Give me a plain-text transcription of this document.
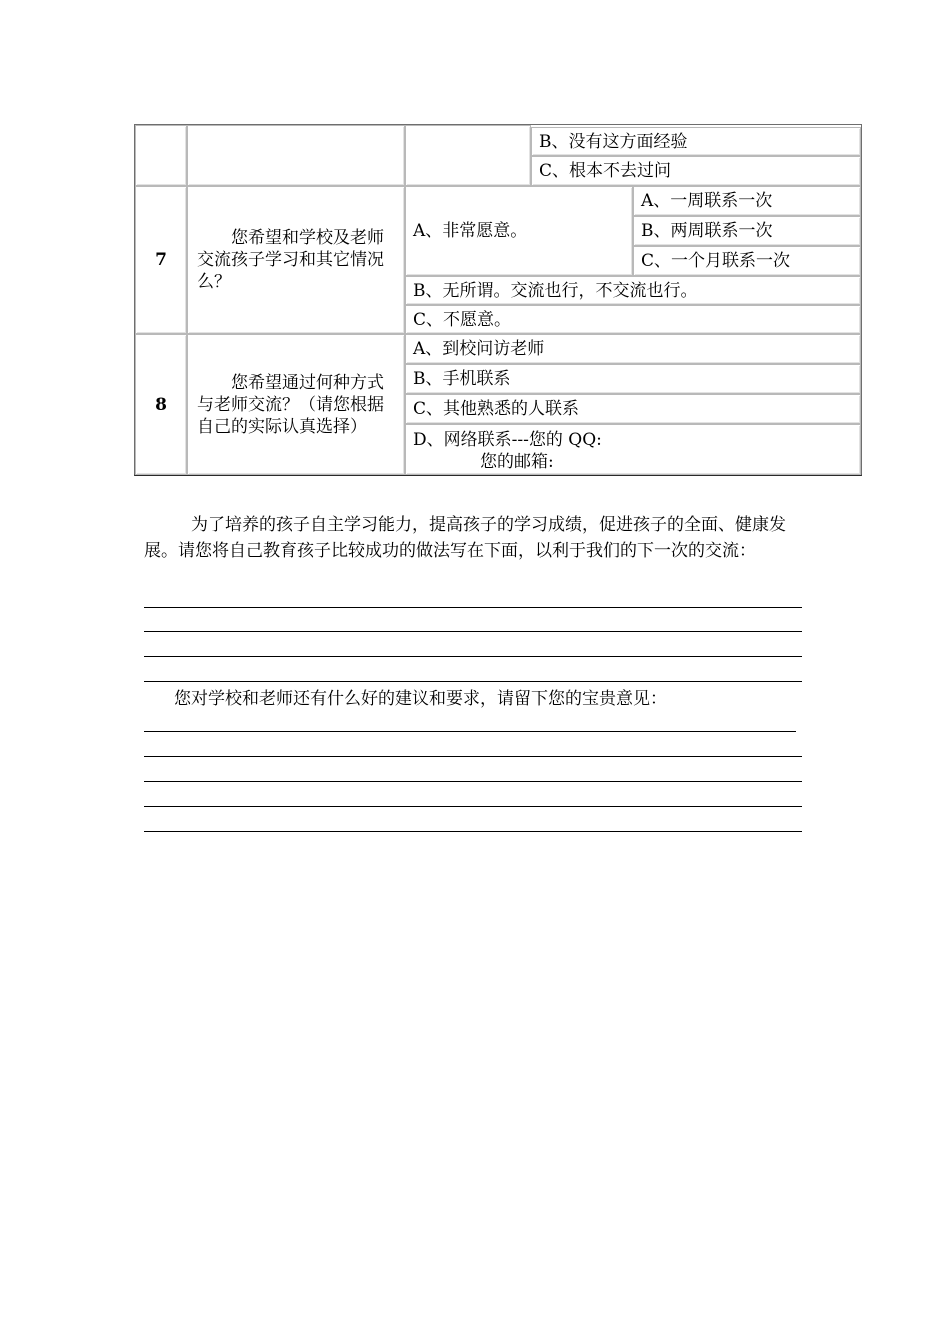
B、没有这方面经验
C、根本不去过问
7
您希望和学校及老师交流孩子学习和其它情况么？
A、非常愿意。
A、一周联系一次
B、两周联系一次
C、一个月联系一次
B、无所谓。交流也行，不交流也行。
C、不愿意。
8
您希望通过何种方式与老师交流？（请您根据自己的实际认真选择）
A、到校问访老师
B、手机联系
C、其他熟悉的人联系
D、网络联系---您的 QQ:
您的邮箱:
为了培养的孩子自主学习能力，提高孩子的学习成绩，促进孩子的全面、健康发展。请您将自己教育孩子比较成功的做法写在下面，以利于我们的下一次的交流：
您对学校和老师还有什么好的建议和要求，请留下您的宝贵意见：
